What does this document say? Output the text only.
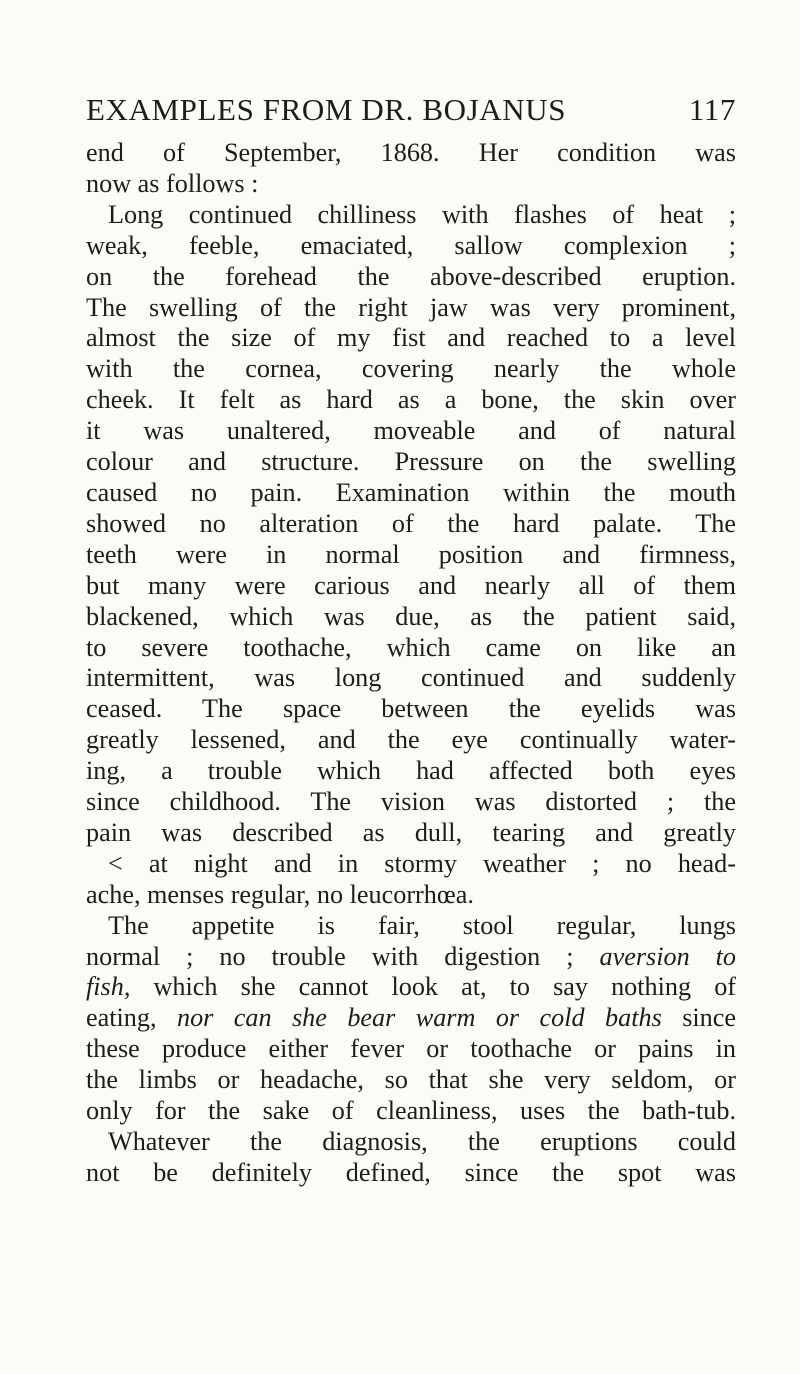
EXAMPLES FROM DR. BOJANUS	117
end of September, 1868. Her condition was
now as follows :
Long continued chilliness with flashes of heat ;
weak, feeble, emaciated, sallow complexion ;
on the forehead the above-described eruption.
The swelling of the right jaw was very prominent,
almost the size of my fist and reached to a level
with the cornea, covering nearly the whole
cheek. It felt as hard as a bone, the skin over
it was unaltered, moveable and of natural
colour and structure. Pressure on the swelling
caused no pain. Examination within the mouth
showed no alteration of the hard palate. The
teeth were in normal position and firmness,
but many were carious and nearly all of them
blackened, which was due, as the patient said,
to severe toothache, which came on like an
intermittent, was long continued and suddenly
ceased. The space between the eyelids was
greatly lessened, and the eye continually water-
ing, a trouble which had affected both eyes
since childhood. The vision was distorted ; the
pain was described as dull, tearing and greatly
< at night and in stormy weather ; no head-
ache, menses regular, no leucorrhœa.
The appetite is fair, stool regular, lungs
normal ; no trouble with digestion ; aversion to
fish, which she cannot look at, to say nothing of
eating, nor can she bear warm or cold baths since
these produce either fever or toothache or pains in
the limbs or headache, so that she very seldom, or
only for the sake of cleanliness, uses the bath-tub.
Whatever the diagnosis, the eruptions could
not be definitely defined, since the spot was
